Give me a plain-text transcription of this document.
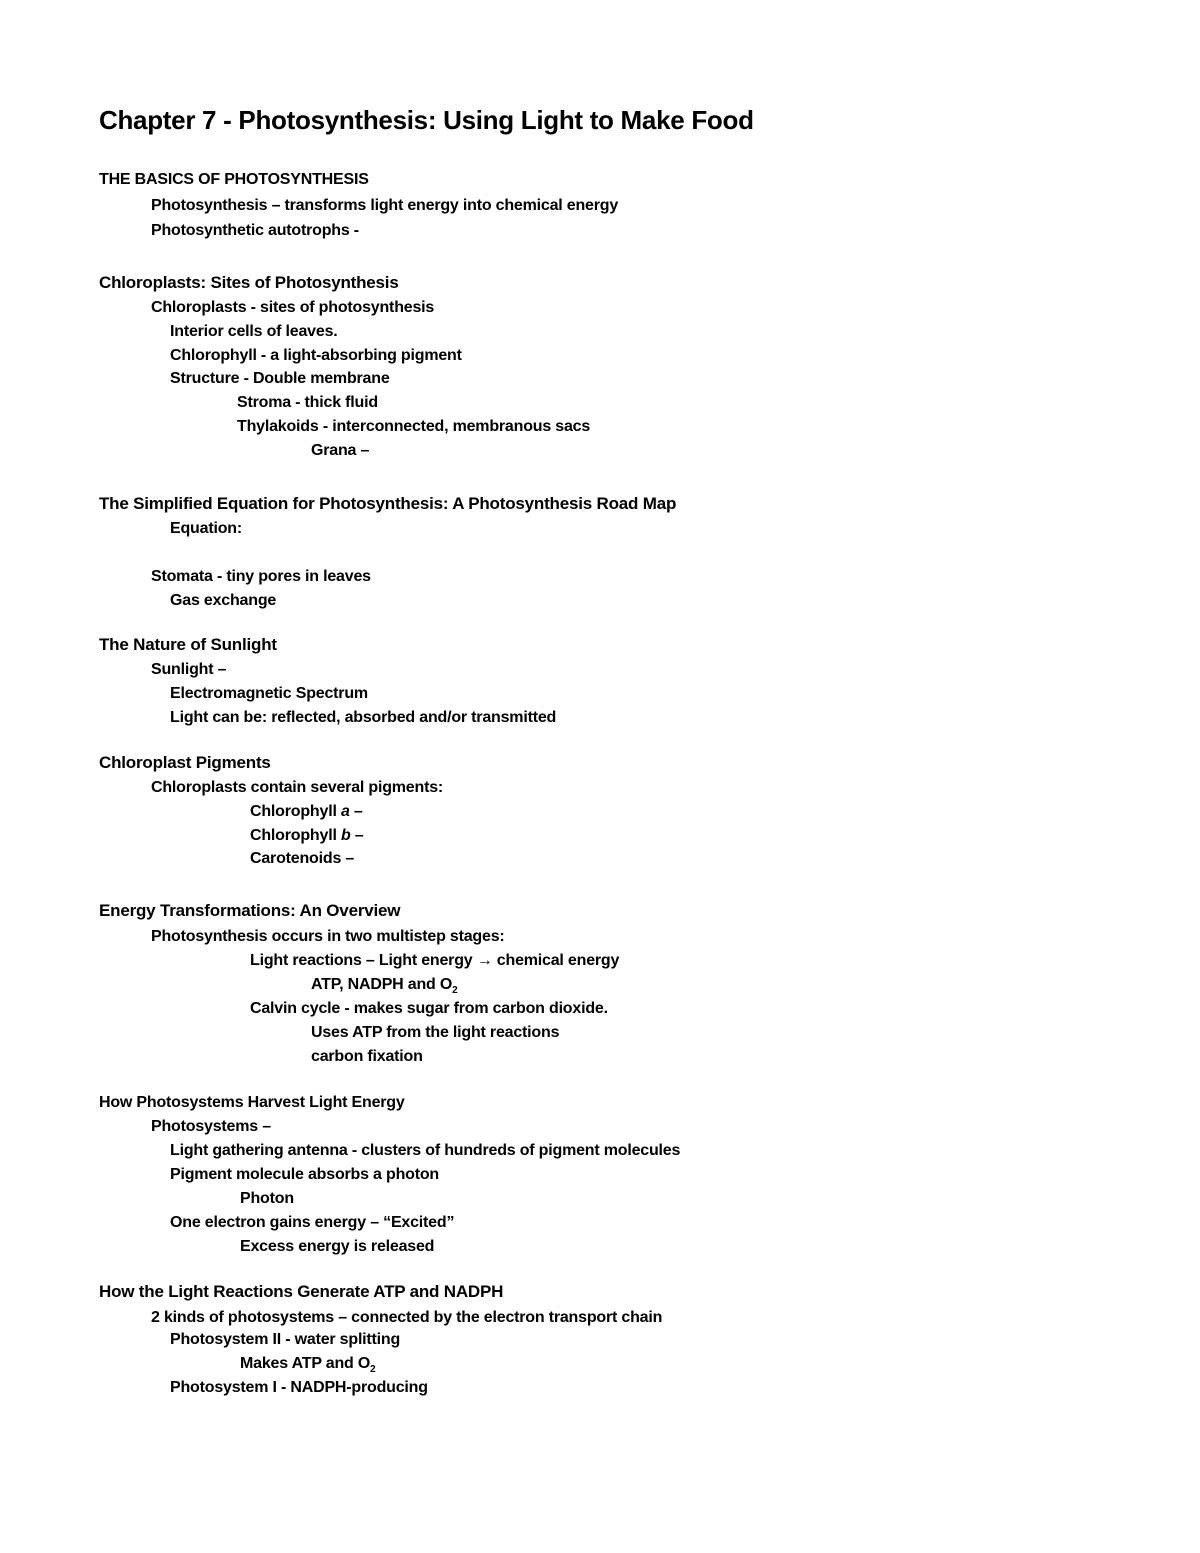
Chapter 7 - Photosynthesis: Using Light to Make Food
THE BASICS OF PHOTOSYNTHESIS
Photosynthesis – transforms light energy into chemical energy
Photosynthetic autotrophs -
Chloroplasts: Sites of Photosynthesis
Chloroplasts - sites of photosynthesis
Interior cells of leaves.
Chlorophyll - a light-absorbing pigment
Structure - Double membrane
Stroma - thick fluid
Thylakoids - interconnected, membranous sacs
Grana –
The Simplified Equation for Photosynthesis: A Photosynthesis Road Map
Equation:
Stomata - tiny pores in leaves
Gas exchange
The Nature of Sunlight
Sunlight –
Electromagnetic Spectrum
Light can be: reflected, absorbed and/or transmitted
Chloroplast Pigments
Chloroplasts contain several pigments:
Chlorophyll a –
Chlorophyll b –
Carotenoids –
Energy Transformations: An Overview
Photosynthesis occurs in two multistep stages:
Light reactions – Light energy → chemical energy
ATP, NADPH and $O_2$
Calvin cycle - makes sugar from carbon dioxide.
Uses ATP from the light reactions
carbon fixation
How Photosystems Harvest Light Energy
Photosystems –
Light gathering antenna - clusters of hundreds of pigment molecules
Pigment molecule absorbs a photon
Photon
One electron gains energy – “Excited”
Excess energy is released
How the Light Reactions Generate ATP and NADPH
2 kinds of photosystems – connected by the electron transport chain
Photosystem II - water splitting
Makes ATP and $O_2$
Photosystem I - NADPH-producing
